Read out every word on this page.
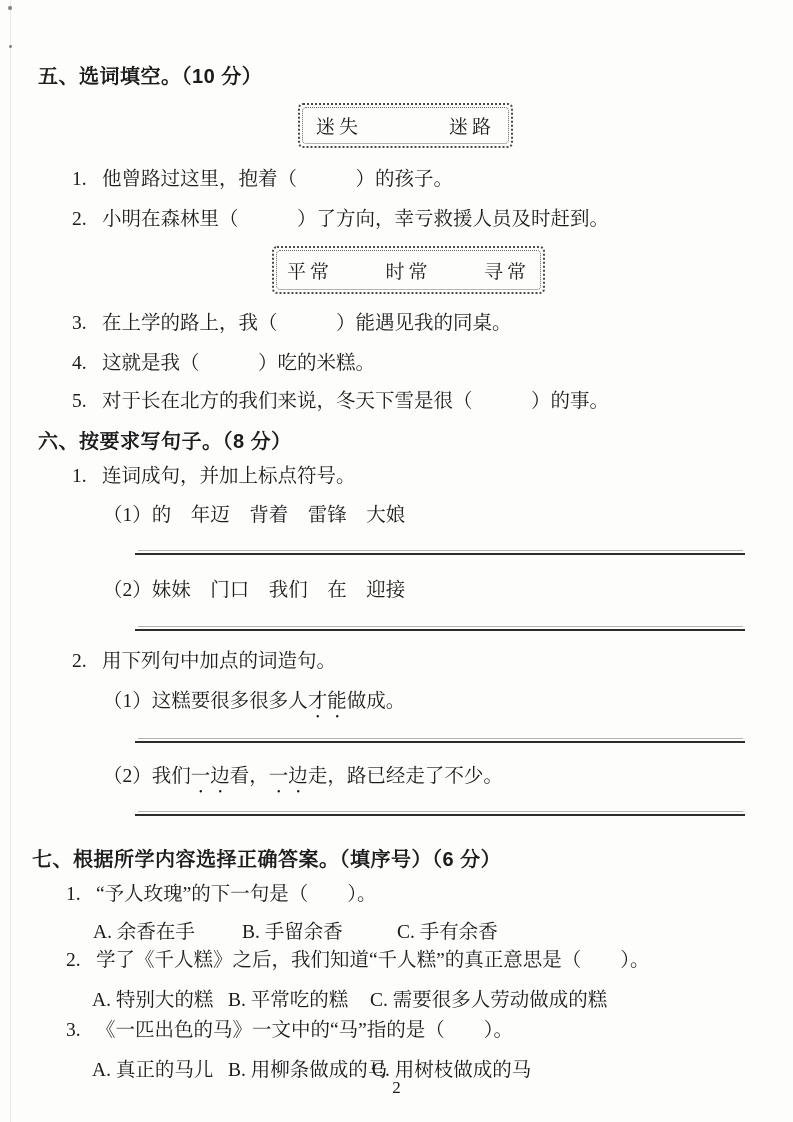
五、选词填空。（10 分）
迷失	迷路
1. 他曾路过这里，抱着（　　　）的孩子。
2. 小明在森林里（　　　）了方向，幸亏救援人员及时赶到。
平常	时常	寻常
3. 在上学的路上，我（　　　）能遇见我的同桌。
4. 这就是我（　　　）吃的米糕。
5. 对于长在北方的我们来说，冬天下雪是很（　　　）的事。
六、按要求写句子。（8 分）
1. 连词成句，并加上标点符号。
（1）的　年迈　背着　雷锋　大娘
（2）妹妹　门口　我们　在　迎接
2. 用下列句中加点的词造句。
（1）这糕要很多很多人才能做成。
（2）我们一边看，一边走，路已经走了不少。
七、根据所学内容选择正确答案。（填序号）（6 分）
1. “予人玫瑰”的下一句是（　　）。
A. 余香在手 B. 手留余香	C. 手有余香
2. 学了《千人糕》之后，我们知道“千人糕”的真正意思是（　　）。
A. 特别大的糕 B. 平常吃的糕 C. 需要很多人劳动做成的糕
3. 《一匹出色的马》一文中的“马”指的是（　　）。
A. 真正的马儿 B. 用柳条做成的马
C. 用树枝做成的马
2
